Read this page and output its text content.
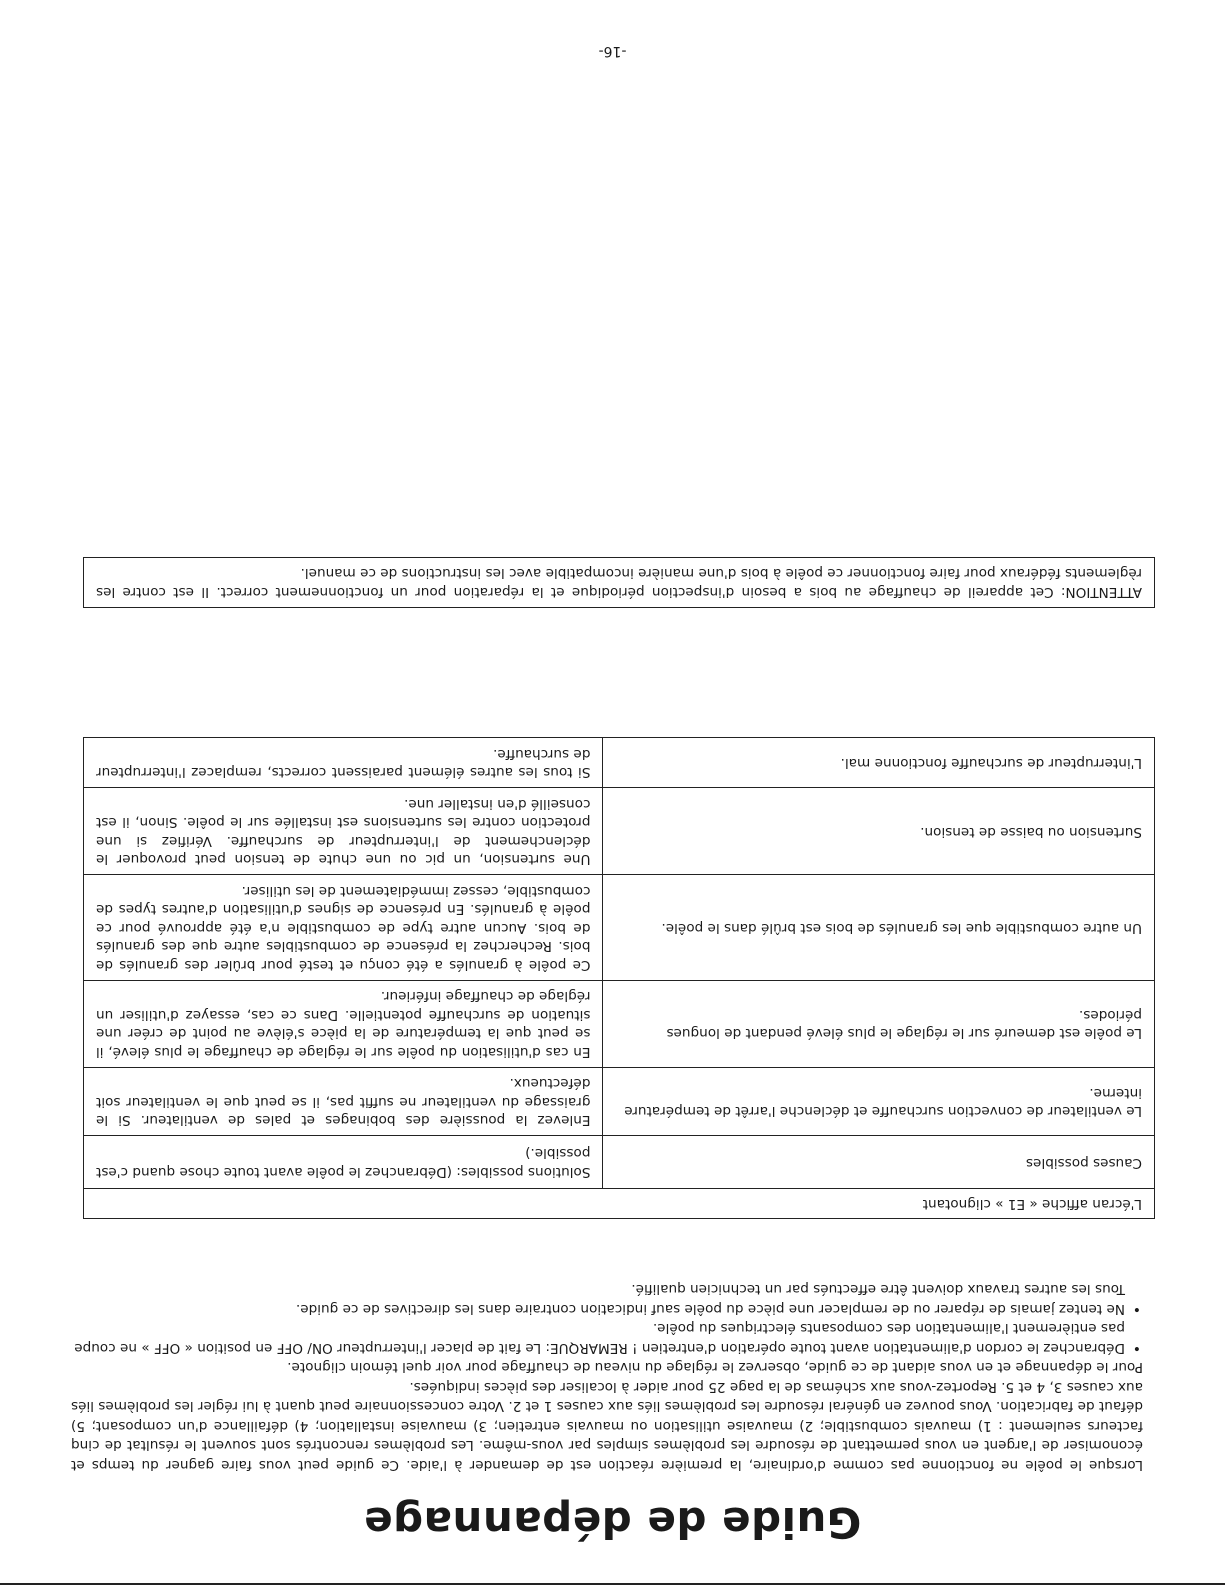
Guide de dépannage

Lorsque le poêle ne fonctionne pas comme d'ordinaire, la première réaction est de demander à l'aide. Ce guide peut vous faire gagner du temps et économiser de l'argent en vous permettant de résoudre les problèmes simples par vous-même. Les problèmes rencontrés sont souvent le résultat de cinq facteurs seulement : 1) mauvais combustible; 2) mauvaise utilisation ou mauvais entretien; 3) mauvaise installation; 4) défaillance d'un composant; 5) défaut de fabrication. Vous pouvez en général résoudre les problèmes liés aux causes 1 et 2. Votre concessionnaire peut quant à lui régler les problèmes liés aux causes 3, 4 et 5. Reportez-vous aux schémas de la page 25 pour aider à localiser des pièces indiquées.

Pour le dépannage et en vous aidant de ce guide, observez le réglage du niveau de chauffage pour voir quel témoin clignote.

•
Débranchez le cordon d'alimentation avant toute opération d'entretien ! REMARQUE: Le fait de placer l'interrupteur ON/ OFF en position « OFF » ne coupe pas entièrement l'alimentation des composants électriques du poêle.
•
Ne tentez jamais de réparer ou de remplacer une pièce du poêle sauf indication contraire dans les directives de ce guide.
Tous les autres travaux doivent être effectués par un technicien qualifié.
L'écran affiche « E1 » clignotant	
Causes possibles	Solutions possibles: (Débranchez le poêle avant toute chose quand c'est possible.)
Le ventilateur de convection surchauffe et déclenche l'arrêt de température interne.	Enlevez la poussière des bobinages et pales de ventilateur. Si le graissage du ventilateur ne suffit pas, il se peut que le ventilateur soit défectueux.
Le poêle est demeuré sur le réglage le plus élevé pendant de longues périodes.	En cas d'utilisation du poêle sur le réglage de chauffage le plus élevé, il se peut que la température de la pièce s'élève au point de créer une situation de surchauffe potentielle. Dans ce cas, essayez d'utiliser un réglage de chauffage inférieur.
Un autre combustible que les granulés de bois est brûlé dans le poêle.	Ce poêle à granulés a été conçu et testé pour brûler des granulés de bois. Recherchez la présence de combustibles autre que des granulés de bois. Aucun autre type de combustible n'a été approuvé pour ce poêle à granulés. En présence de signes d'utilisation d'autres types de combustible, cessez immédiatement de les utiliser.
Surtension ou baisse de tension.	Une surtension, un pic ou une chute de tension peut provoquer le déclenchement de l'interrupteur de surchauffe. Vérifiez si une protection contre les surtensions est installée sur le poêle. Sinon, il est conseillé d'en installer une.
L'interrupteur de surchauffe fonctionne mal.	Si tous les autres élément paraissent corrects, remplacez l'interrupteur de surchauffe.
ATTENTION: Cet appareil de chauffage au bois a besoin d'inspection périodique et la réparation pour un fonctionnement correct. Il est contre les règlements fédéraux pour faire fonctionner ce poêle à bois d'une manière incompatible avec les instructions de ce manuel.
-16-
